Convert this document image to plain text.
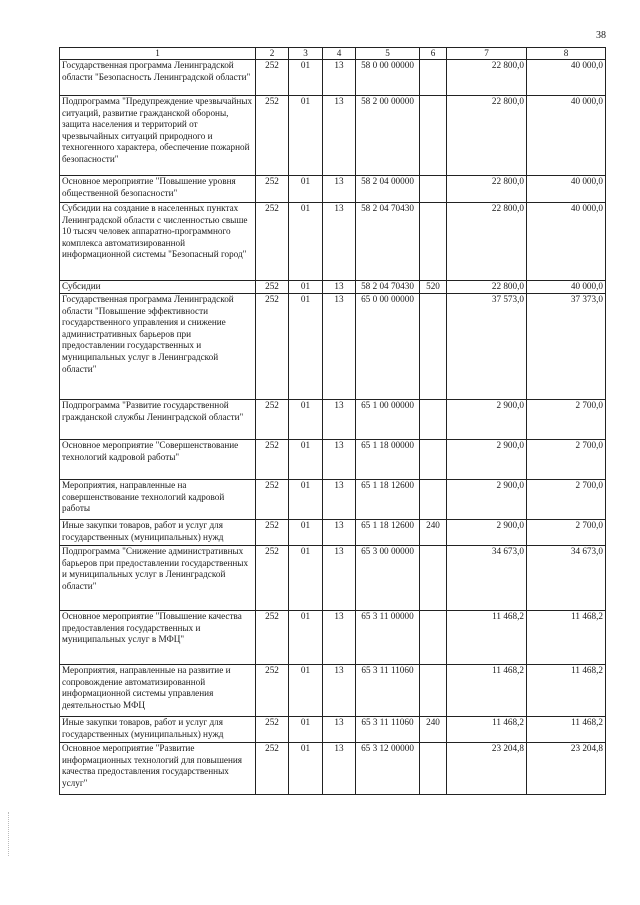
38
1	2	3	4	5	6	7	8
Государственная программа Ленинградской области "Безопасность Ленинградской области"	252	01	13	58 0 00 00000		22 800,0	40 000,0
Подпрограмма "Предупреждение чрезвычайных ситуаций, развитие гражданской обороны, защита населения и территорий от чрезвычайных ситуаций природного и техногенного характера, обеспечение пожарной безопасности"	252	01	13	58 2 00 00000		22 800,0	40 000,0
Основное мероприятие "Повышение уровня общественной безопасности"	252	01	13	58 2 04 00000		22 800,0	40 000,0
Субсидии на создание в населенных пунктах Ленинградской области с численностью свыше 10 тысяч человек аппаратно-программного комплекса автоматизированной информационной системы "Безопасный город"	252	01	13	58 2 04 70430		22 800,0	40 000,0
Субсидии	252	01	13	58 2 04 70430	520	22 800,0	40 000,0
Государственная программа Ленинградской области "Повышение эффективности государственного управления и снижение административных барьеров при предоставлении государственных и муниципальных услуг в Ленинградской области"	252	01	13	65 0 00 00000		37 573,0	37 373,0
Подпрограмма "Развитие государственной гражданской службы Ленинградской области"	252	01	13	65 1 00 00000		2 900,0	2 700,0
Основное мероприятие "Совершенствование технологий кадровой работы"	252	01	13	65 1 18 00000		2 900,0	2 700,0
Мероприятия, направленные на совершенствование технологий кадровой работы	252	01	13	65 1 18 12600		2 900,0	2 700,0
Иные закупки товаров, работ и услуг для государственных (муниципальных) нужд	252	01	13	65 1 18 12600	240	2 900,0	2 700,0
Подпрограмма "Снижение административных барьеров при предоставлении государственных и муниципальных услуг в Ленинградской области"	252	01	13	65 3 00 00000		34 673,0	34 673,0
Основное мероприятие "Повышение качества предоставления государственных и муниципальных услуг в МФЦ"	252	01	13	65 3 11 00000		11 468,2	11 468,2
Мероприятия, направленные на развитие и сопровождение автоматизированной информационной системы управления деятельностью МФЦ	252	01	13	65 3 11 11060		11 468,2	11 468,2
Иные закупки товаров, работ и услуг для государственных (муниципальных) нужд	252	01	13	65 3 11 11060	240	11 468,2	11 468,2
Основное мероприятие "Развитие информационных технологий для повышения качества предоставления государственных услуг"	252	01	13	65 3 12 00000		23 204,8	23 204,8
